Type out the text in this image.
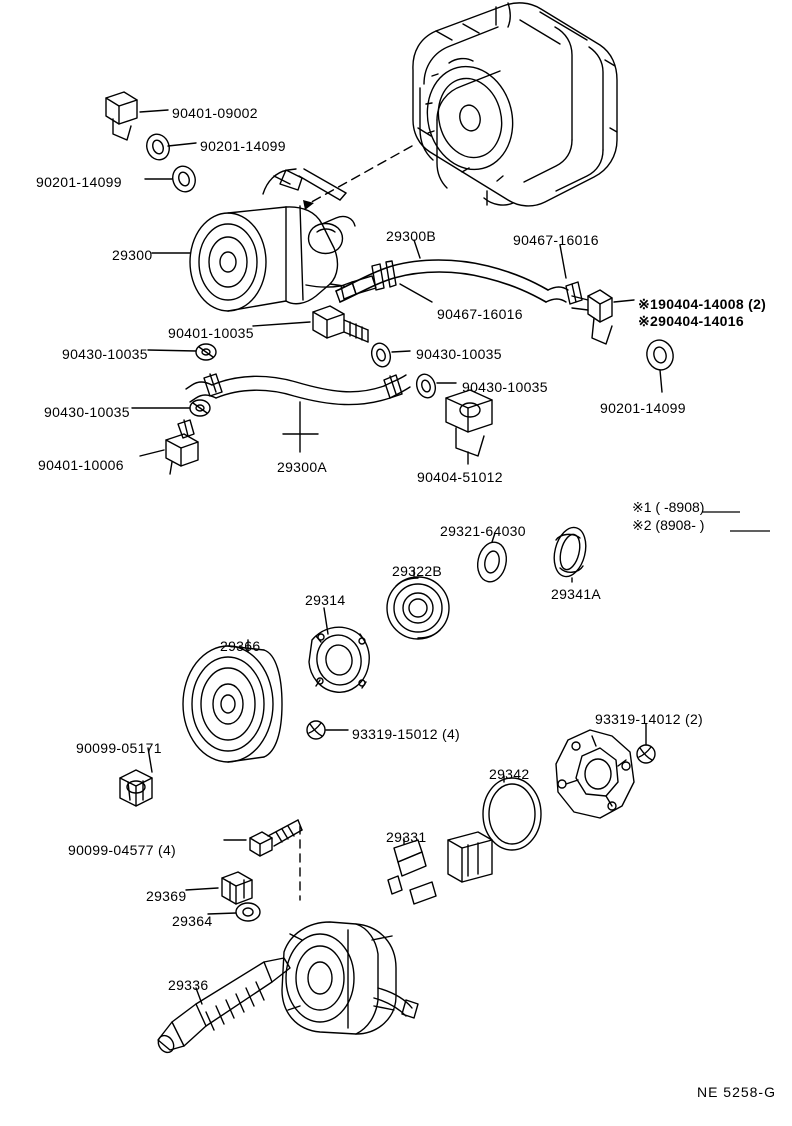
90401-09002
90201-14099
90201-14099
29300
29300B	90467-16016
90467-16016
※190404-14008 (2)
※290404-14016
90401-10035
90430-10035	90430-10035
90430-10035
90201-14099
90430-10035
90401-10006	29300A
90404-51012
29321-64030
29322B
29341A
29314
29366
93319-15012 (4)
93319-14012 (2)
90099-05171
29342
90099-04577 (4)
29331
29369
29364
29336
※1 ( -8908)
※2 (8908- )
NE 5258-G
